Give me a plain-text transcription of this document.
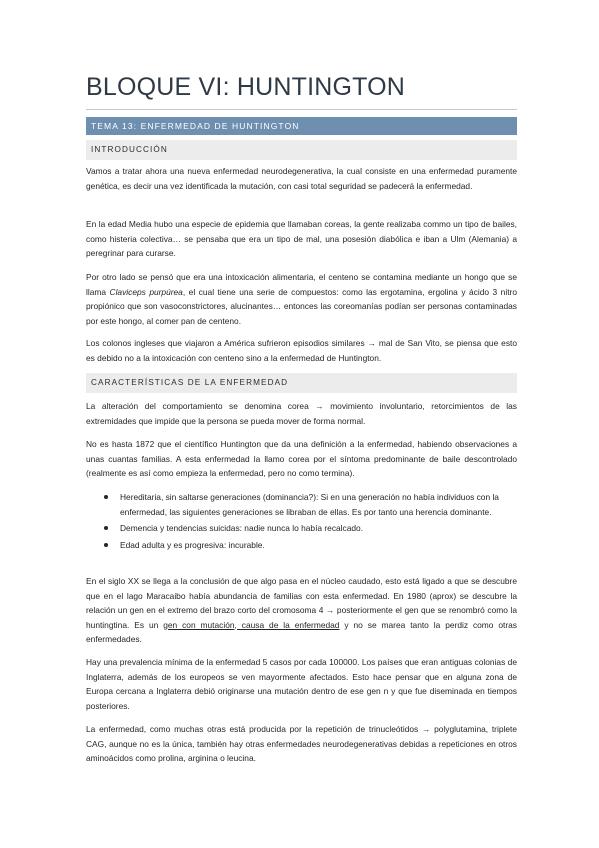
BLOQUE VI: HUNTINGTON
TEMA 13: ENFERMEDAD DE HUNTINGTON
INTRODUCCIÓN
Vamos a tratar ahora una nueva enfermedad neurodegenerativa, la cual consiste en una enfermedad puramente genética, es decir una vez identificada la mutación, con casi total seguridad se padecerá la enfermedad.
En la edad Media hubo una especie de epidemia que llamaban coreas, la gente realizaba commo un tipo de bailes, como histeria colectiva… se pensaba que era un tipo de mal, una posesión diabólica e iban a Ulm (Alemania) a peregrinar para curarse.
Por otro lado se pensó que era una intoxicación alimentaria, el centeno se contamina mediante un hongo que se llama Claviceps purpúrea, el cual tiene una serie de compuestos: como las ergotamina, ergolina y ácido 3 nitro propiónico que son vasoconstrictores, alucinantes… entonces las coreomanías podían ser personas contaminadas por este hongo, al comer pan de centeno.
Los colonos ingleses que viajaron a América sufrieron episodios similares → mal de San Vito, se piensa que esto es debido no a la intoxicación con centeno sino a la enfermedad de Huntington.
CARACTERÍSTICAS DE LA ENFERMEDAD
La alteración del comportamiento se denomina corea → movimiento involuntario, retorcimientos de las extremidades que impide que la persona se pueda mover de forma normal.
No es hasta 1872 que el científico Huntington que da una definición a la enfermedad, habiendo observaciones a unas cuantas familias. A esta enfermedad la llamo corea por el síntoma predominante de baile descontrolado (realmente es así como empieza la enfermedad, pero no como termina).
Hereditaria, sin saltarse generaciones (dominancia?): Si en una generación no había individuos con la enfermedad, las siguientes generaciones se libraban de ellas. Es por tanto una herencia dominante.
Demencia y tendencias suicidas: nadie nunca lo había recalcado.
Edad adulta y es progresiva: incurable.
En el siglo XX se llega a la conclusión de que algo pasa en el núcleo caudado, esto está ligado a que se descubre que en el lago Maracaibo había abundancia de familias con esta enfermedad. En 1980 (aprox) se descubre la relación un gen en el extremo del brazo corto del cromosoma 4 → posteriormente el gen que se renombró como la huntingtina. Es un gen con mutación, causa de la enfermedad y no se marea tanto la perdiz como otras enfermedades.
Hay una prevalencia mínima de la enfermedad 5 casos por cada 100000. Los países que eran antiguas colonias de Inglaterra, además de los europeos se ven mayormente afectados. Esto hace pensar que en alguna zona de Europa cercana a Inglaterra debió originarse una mutación dentro de ese gen n y que fue diseminada en tiempos posteriores.
La enfermedad, como muchas otras está producida por la repetición de trinucleótidos → polyglutamina, triplete CAG, aunque no es la única, también hay otras enfermedades neurodegenerativas debidas a repeticiones en otros aminoácidos como prolina, arginina o leucina.
